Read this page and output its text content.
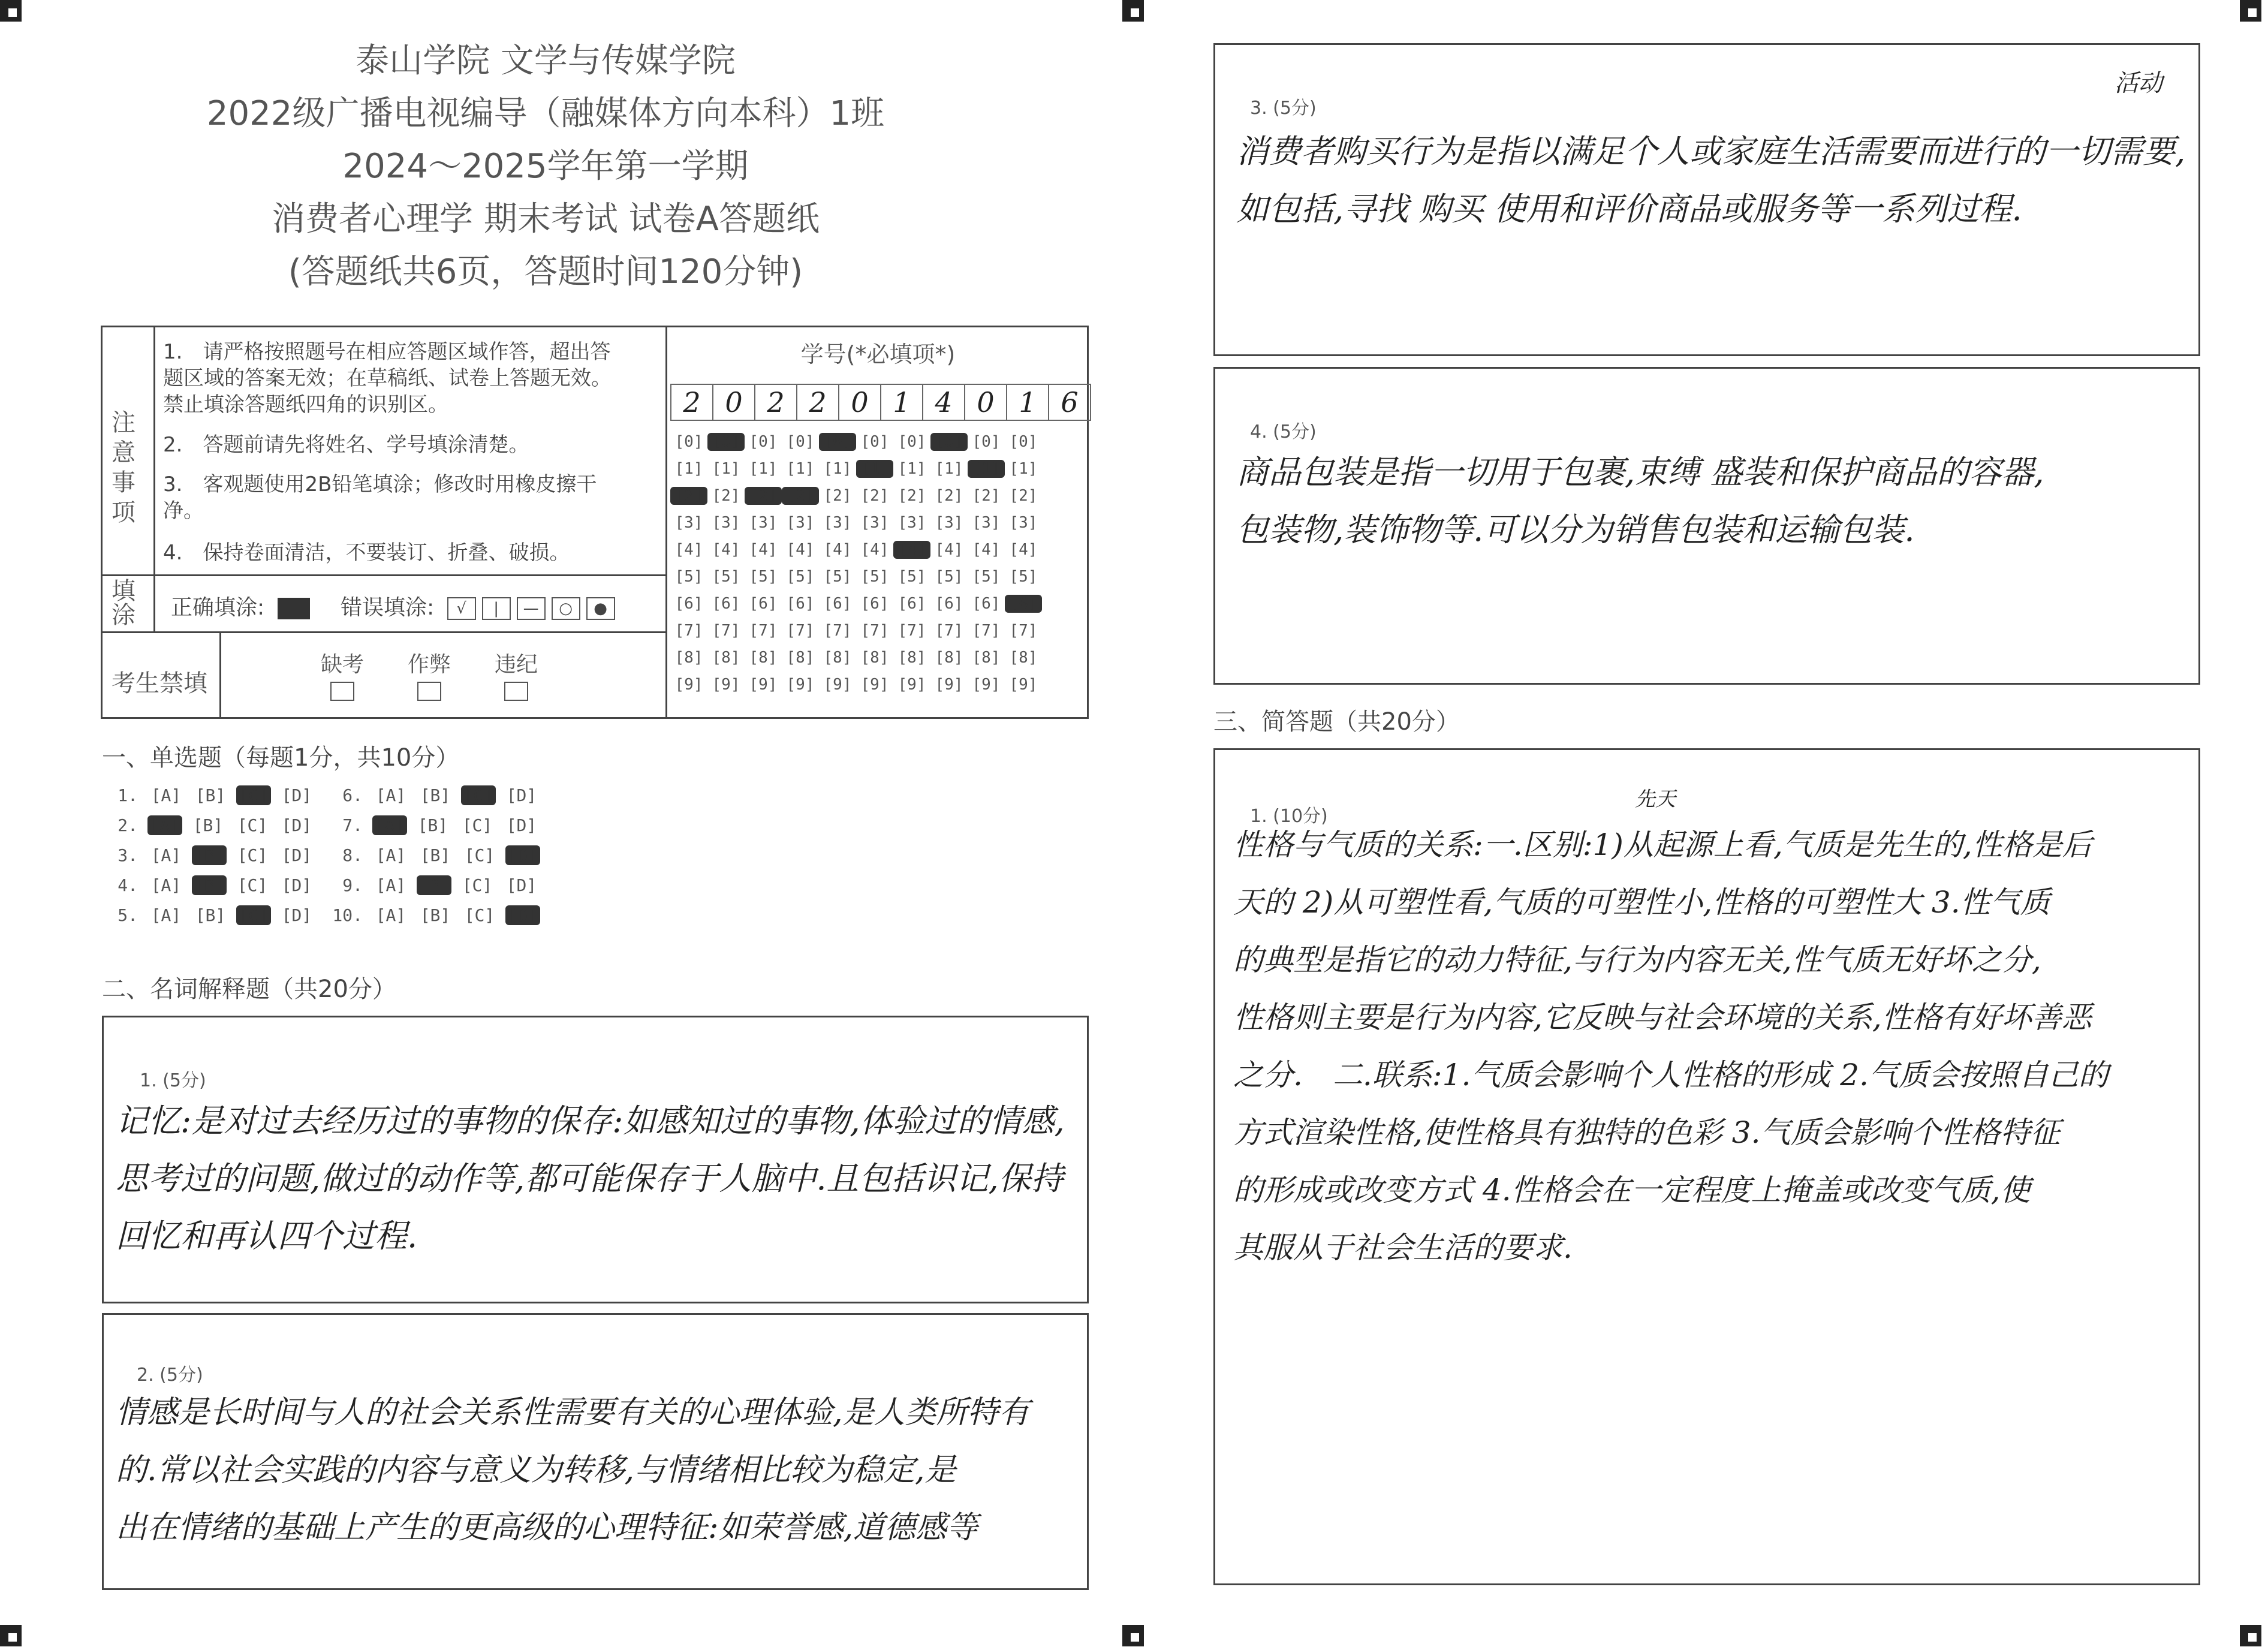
泰山学院 文学与传媒学院
2022级广播电视编导（融媒体方向本科）1班
2024～2025学年第一学期
消费者心理学 期末考试 试卷A答题纸
(答题纸共6页，答题时间120分钟)
注意事项
1.　请严格按照题号在相应答题区域作答，超出答题区域的答案无效；在草稿纸、试卷上答题无效。禁止填涂答题纸四角的识别区。
2.　答题前请先将姓名、学号填涂清楚。
3.　客观题使用2B铅笔填涂；修改时用橡皮擦干净。
4.　保持卷面清洁，不要装订、折叠、破损。
填涂 正确填涂:	错误填涂: √ | — ○ ●
考生禁填
缺考 作弊 违纪
学号(*必填项*)
2 0 2 2 0 1 4 0 1 6
[0] [0] [0] [0] [0] [0] [0] [0] [0] [0]
[1] [1] [1] [1] [1] [1] [1] [1] [1] [1]
[2] [2] [2] [2] [2] [2] [2] [2] [2] [2]
[3] [3] [3] [3] [3] [3] [3] [3] [3] [3]
[4] [4] [4] [4] [4] [4] [4] [4] [4] [4]
[5] [5] [5] [5] [5] [5] [5] [5] [5] [5]
[6] [6] [6] [6] [6] [6] [6] [6] [6] [6]
[7] [7] [7] [7] [7] [7] [7] [7] [7] [7]
[8] [8] [8] [8] [8] [8] [8] [8] [8] [8]
[9] [9] [9] [9] [9] [9] [9] [9] [9] [9]
一、单选题（每题1分，共10分）
1. [A] [B] [C] [D]
2. [A] [B] [C] [D]
3. [A] [B] [C] [D]
4. [A] [B] [C] [D]
5. [A] [B] [C] [D]
6. [A] [B] [C] [D]
7. [A] [B] [C] [D]
8. [A] [B] [C] [D]
9. [A] [B] [C] [D]
10. [A] [B] [C] [D]
二、名词解释题（共20分）
1. (5分)
记忆:是对过去经历过的事物的保存:如感知过的事物,体验过的情感,
思考过的问题,做过的动作等,都可能保存于人脑中.且包括识记,保持
回忆和再认四个过程.
2. (5分)
情感是长时间与人的社会关系性需要有关的心理体验,是人类所特有
的.常以社会实践的内容与意义为转移,与情绪相比较为稳定,是
出在情绪的基础上产生的更高级的心理特征:如荣誉感,道德感等
3. (5分)
活动
消费者购买行为是指以满足个人或家庭生活需要而进行的一切需要,
如包括,寻找 购买 使用和评价商品或服务等一系列过程.
4. (5分)
商品包装是指一切用于包裹,束缚 盛装和保护商品的容器,
包装物,装饰物等.可以分为销售包装和运输包装.
三、简答题（共20分）
1. (10分)
先天
性格与气质的关系:一.区别:1)从起源上看,气质是先生的,性格是后
天的 2)从可塑性看,气质的可塑性小,性格的可塑性大 3.性气质
的典型是指它的动力特征,与行为内容无关,性气质无好坏之分,
性格则主要是行为内容,它反映与社会环境的关系,性格有好坏善恶
之分.　二.联系:1.气质会影响个人性格的形成 2.气质会按照自己的
方式渲染性格,使性格具有独特的色彩 3.气质会影响个性格特征
的形成或改变方式 4.性格会在一定程度上掩盖或改变气质,使
其服从于社会生活的要求.
